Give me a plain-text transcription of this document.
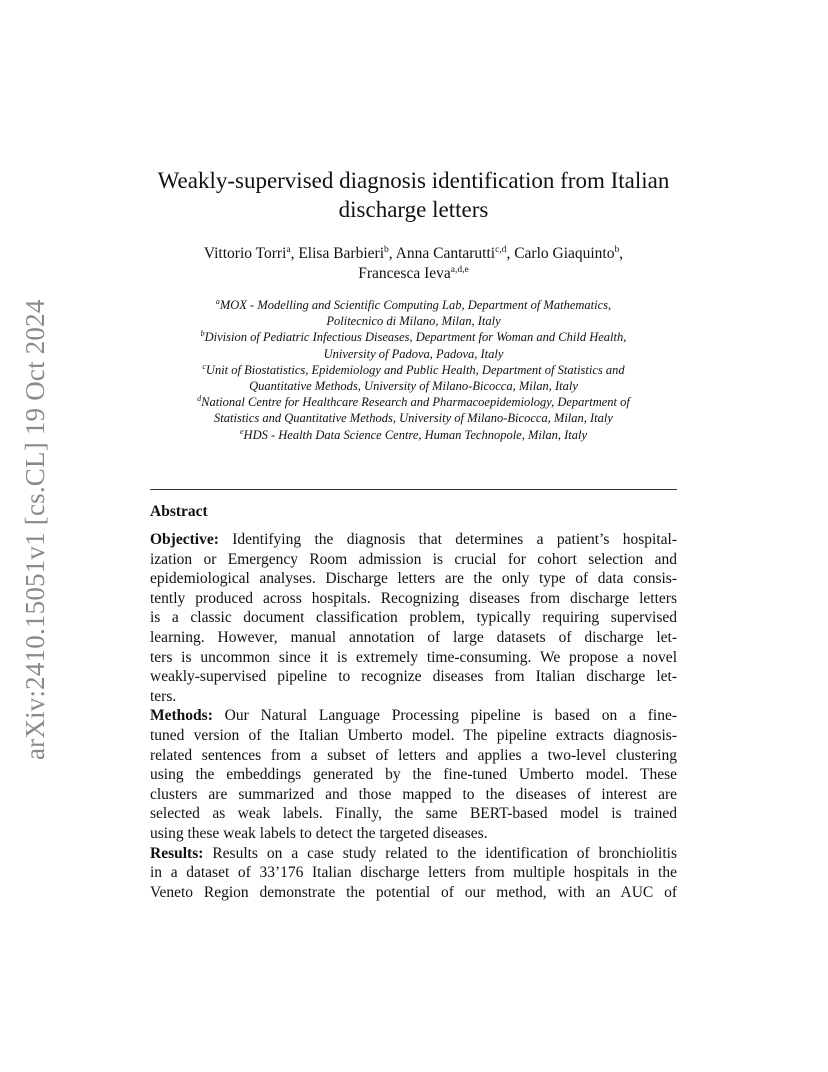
arXiv:2410.15051v1 [cs.CL] 19 Oct 2024
Weakly-supervised diagnosis identification from Italian
discharge letters
Vittorio Torri$^a$, Elisa Barbieri$^b$, Anna Cantarutti$^{c,d}$, Carlo Giaquinto$^b$,
Francesca Ieva$^{a,d,e}$
$^a$MOX - Modelling and Scientific Computing Lab, Department of Mathematics,
Politecnico di Milano, Milan, Italy
$^b$Division of Pediatric Infectious Diseases, Department for Woman and Child Health,
University of Padova, Padova, Italy
$^c$Unit of Biostatistics, Epidemiology and Public Health, Department of Statistics and
Quantitative Methods, University of Milano-Bicocca, Milan, Italy
$^d$National Centre for Healthcare Research and Pharmacoepidemiology, Department of
Statistics and Quantitative Methods, University of Milano-Bicocca, Milan, Italy
$^e$HDS - Health Data Science Centre, Human Technopole, Milan, Italy
Abstract
Objective: Identifying the diagnosis that determines a patient’s hospital-
ization or Emergency Room admission is crucial for cohort selection and
epidemiological analyses. Discharge letters are the only type of data consis-
tently produced across hospitals. Recognizing diseases from discharge letters
is a classic document classification problem, typically requiring supervised
learning. However, manual annotation of large datasets of discharge let-
ters is uncommon since it is extremely time-consuming. We propose a novel
weakly-supervised pipeline to recognize diseases from Italian discharge let-
ters.
Methods: Our Natural Language Processing pipeline is based on a fine-
tuned version of the Italian Umberto model. The pipeline extracts diagnosis-
related sentences from a subset of letters and applies a two-level clustering
using the embeddings generated by the fine-tuned Umberto model. These
clusters are summarized and those mapped to the diseases of interest are
selected as weak labels. Finally, the same BERT-based model is trained
using these weak labels to detect the targeted diseases.
Results: Results on a case study related to the identification of bronchiolitis
in a dataset of 33’176 Italian discharge letters from multiple hospitals in the
Veneto Region demonstrate the potential of our method, with an AUC of
